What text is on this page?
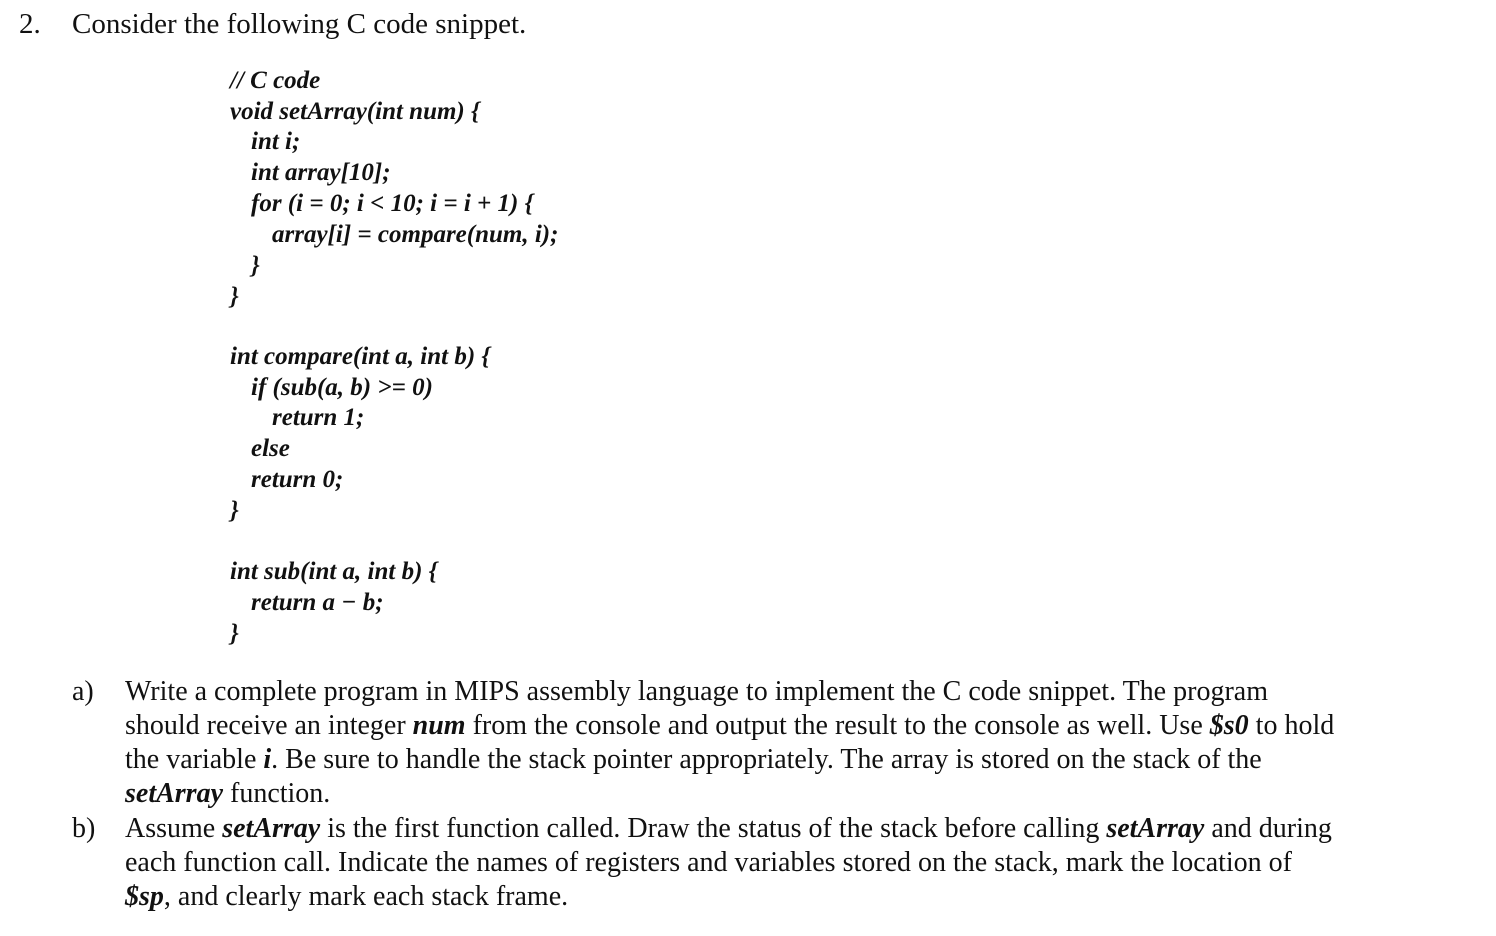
2. Consider the following C code snippet.
// C code
void setArray(int num) {
int i;
int array[10];
for (i = 0; i < 10; i = i + 1) {
array[i] = compare(num, i);
}
}
int compare(int a, int b) {
if (sub(a, b) >= 0)
return 1;
else
return 0;
}
int sub(int a, int b) {
return a − b;
}
a) Write a complete program in MIPS assembly language to implement the C code snippet. The program
should receive an integer num from the console and output the result to the console as well. Use $s0 to hold
the variable i. Be sure to handle the stack pointer appropriately. The array is stored on the stack of the
setArray function.
b) Assume setArray is the first function called. Draw the status of the stack before calling setArray and during
each function call. Indicate the names of registers and variables stored on the stack, mark the location of
$sp, and clearly mark each stack frame.
